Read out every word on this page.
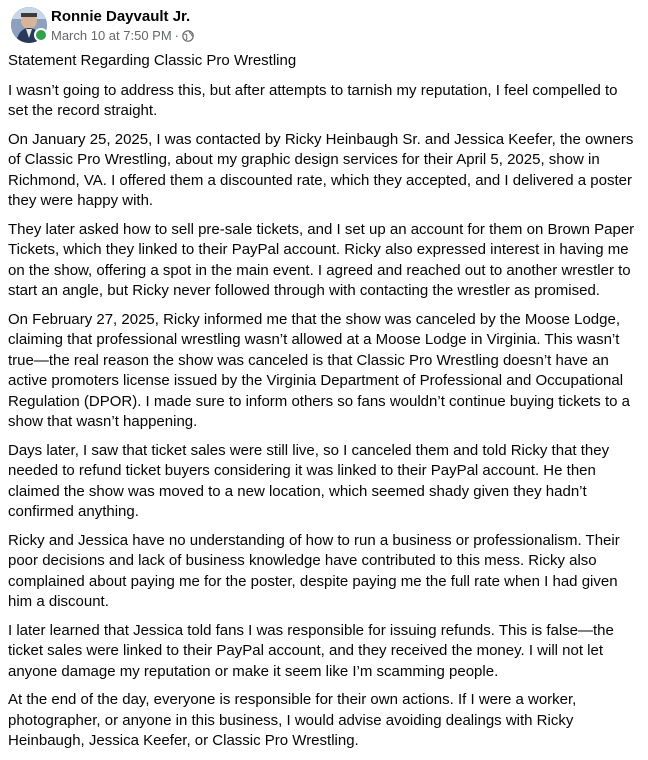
Ronnie Dayvault Jr.
March 10 at 7:50 PM ·

Statement Regarding Classic Pro Wrestling

I wasn’t going to address this, but after attempts to tarnish my reputation, I feel compelled to set the record straight.

On January 25, 2025, I was contacted by Ricky Heinbaugh Sr. and Jessica Keefer, the owners of Classic Pro Wrestling, about my graphic design services for their April 5, 2025, show in Richmond, VA. I offered them a discounted rate, which they accepted, and I delivered a poster they were happy with.

They later asked how to sell pre-sale tickets, and I set up an account for them on Brown Paper Tickets, which they linked to their PayPal account. Ricky also expressed interest in having me on the show, offering a spot in the main event. I agreed and reached out to another wrestler to start an angle, but Ricky never followed through with contacting the wrestler as promised.

On February 27, 2025, Ricky informed me that the show was canceled by the Moose Lodge, claiming that professional wrestling wasn’t allowed at a Moose Lodge in Virginia. This wasn’t true—the real reason the show was canceled is that Classic Pro Wrestling doesn’t have an active promoters license issued by the Virginia Department of Professional and Occupational Regulation (DPOR). I made sure to inform others so fans wouldn’t continue buying tickets to a show that wasn’t happening.

Days later, I saw that ticket sales were still live, so I canceled them and told Ricky that they needed to refund ticket buyers considering it was linked to their PayPal account. He then claimed the show was moved to a new location, which seemed shady given they hadn’t confirmed anything.

Ricky and Jessica have no understanding of how to run a business or professionalism. Their poor decisions and lack of business knowledge have contributed to this mess. Ricky also complained about paying me for the poster, despite paying me the full rate when I had given him a discount.

I later learned that Jessica told fans I was responsible for issuing refunds. This is false—the ticket sales were linked to their PayPal account, and they received the money. I will not let anyone damage my reputation or make it seem like I’m scamming people.

At the end of the day, everyone is responsible for their own actions. If I were a worker, photographer, or anyone in this business, I would advise avoiding dealings with Ricky Heinbaugh, Jessica Keefer, or Classic Pro Wrestling.
